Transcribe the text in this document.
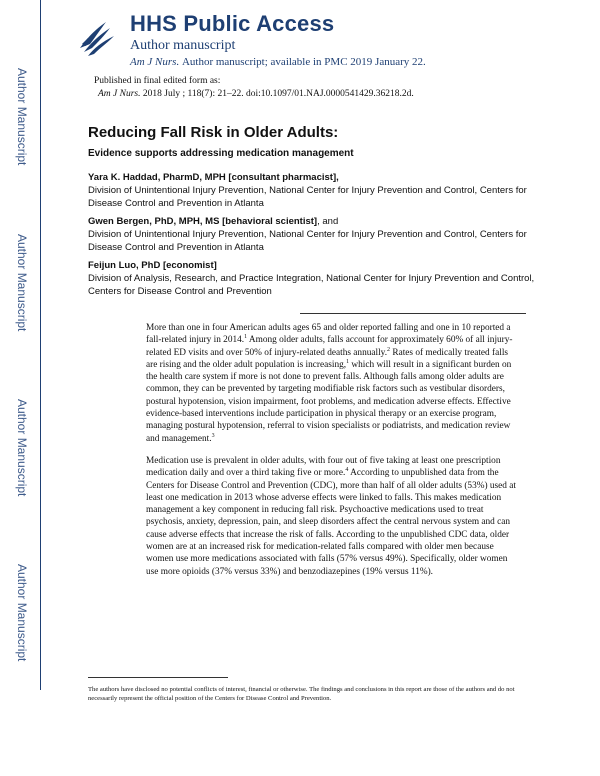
Author Manuscript
Author Manuscript
Author Manuscript
Author Manuscript
HHS Public Access
Author manuscript
Am J Nurs. Author manuscript; available in PMC 2019 January 22.
Published in final edited form as:
Am J Nurs. 2018 July ; 118(7): 21–22. doi:10.1097/01.NAJ.0000541429.36218.2d.
Reducing Fall Risk in Older Adults:
Evidence supports addressing medication management
Yara K. Haddad, PharmD, MPH [consultant pharmacist],
Division of Unintentional Injury Prevention, National Center for Injury Prevention and Control, Centers for Disease Control and Prevention in Atlanta
Gwen Bergen, PhD, MPH, MS [behavioral scientist], and
Division of Unintentional Injury Prevention, National Center for Injury Prevention and Control, Centers for Disease Control and Prevention in Atlanta
Feijun Luo, PhD [economist]
Division of Analysis, Research, and Practice Integration, National Center for Injury Prevention and Control, Centers for Disease Control and Prevention

More than one in four American adults ages 65 and older reported falling and one in 10 reported a fall-related injury in 2014.$^1$ Among older adults, falls account for approximately 60% of all injury-related ED visits and over 50% of injury-related deaths annually.$^2$ Rates of medically treated falls are rising and the older adult population is increasing,$^1$ which will result in a significant burden on the health care system if more is not done to prevent falls. Although falls among older adults are common, they can be prevented by targeting modifiable risk factors such as vestibular disorders, postural hypotension, vision impairment, foot problems, and medication adverse effects. Effective evidence-based interventions include participation in physical therapy or an exercise program, managing postural hypotension, referral to vision specialists or podiatrists, and medication review and management.$^3$

Medication use is prevalent in older adults, with four out of five taking at least one prescription medication daily and over a third taking five or more.$^4$ According to unpublished data from the Centers for Disease Control and Prevention (CDC), more than half of all older adults (53%) used at least one medication in 2013 whose adverse effects were linked to falls. This makes medication management a key component in reducing fall risk. Psychoactive medications used to treat psychosis, anxiety, depression, pain, and sleep disorders affect the central nervous system and can cause adverse effects that increase the risk of falls. According to the unpublished CDC data, older women are at an increased risk for medication-related falls compared with older men because women use more medications associated with falls (57% versus 49%). Specifically, older women use more opioids (37% versus 33%) and benzodiazepines (19% versus 11%).

The authors have disclosed no potential conflicts of interest, financial or otherwise. The findings and conclusions in this report are those of the authors and do not necessarily represent the official position of the Centers for Disease Control and Prevention.
